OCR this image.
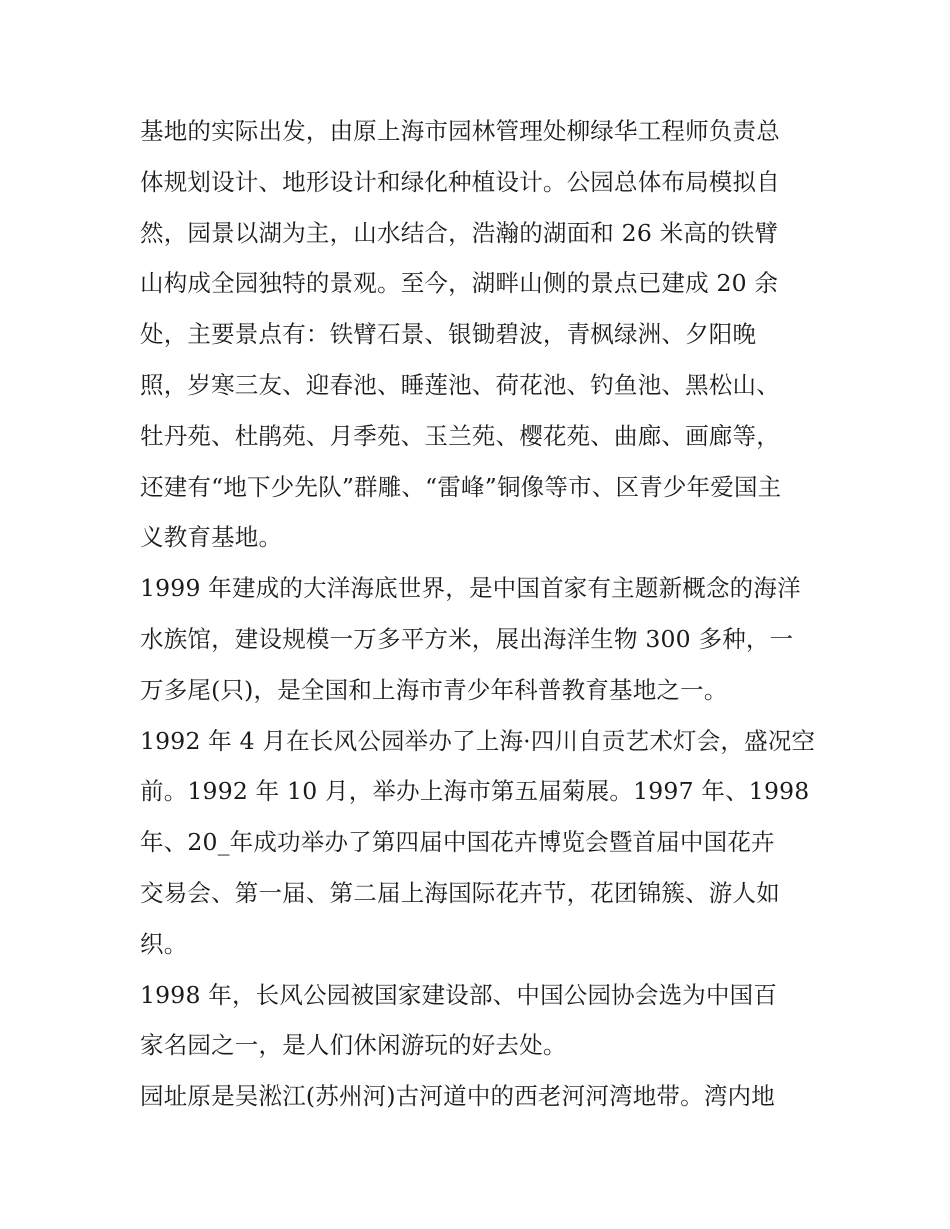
基地的实际出发，由原上海市园林管理处柳绿华工程师负责总
体规划设计、地形设计和绿化种植设计。公园总体布局模拟自
然，园景以湖为主，山水结合，浩瀚的湖面和 26 米高的铁臂
山构成全园独特的景观。至今，湖畔山侧的景点已建成 20 余
处，主要景点有：铁臂石景、银锄碧波，青枫绿洲、夕阳晚
照，岁寒三友、迎春池、睡莲池、荷花池、钓鱼池、黑松山、
牡丹苑、杜鹃苑、月季苑、玉兰苑、樱花苑、曲廊、画廊等，
还建有“地下少先队”群雕、“雷峰”铜像等市、区青少年爱国主
义教育基地。
1999 年建成的大洋海底世界，是中国首家有主题新概念的海洋
水族馆，建设规模一万多平方米，展出海洋生物 300 多种，一
万多尾(只)，是全国和上海市青少年科普教育基地之一。
1992 年 4 月在长风公园举办了上海·四川自贡艺术灯会，盛况空
前。1992 年 10 月，举办上海市第五届菊展。1997 年、1998
年、20_年成功举办了第四届中国花卉博览会暨首届中国花卉
交易会、第一届、第二届上海国际花卉节，花团锦簇、游人如
织。
1998 年，长风公园被国家建设部、中国公园协会选为中国百
家名园之一，是人们休闲游玩的好去处。
园址原是吴淞江(苏州河)古河道中的西老河河湾地带。湾内地
